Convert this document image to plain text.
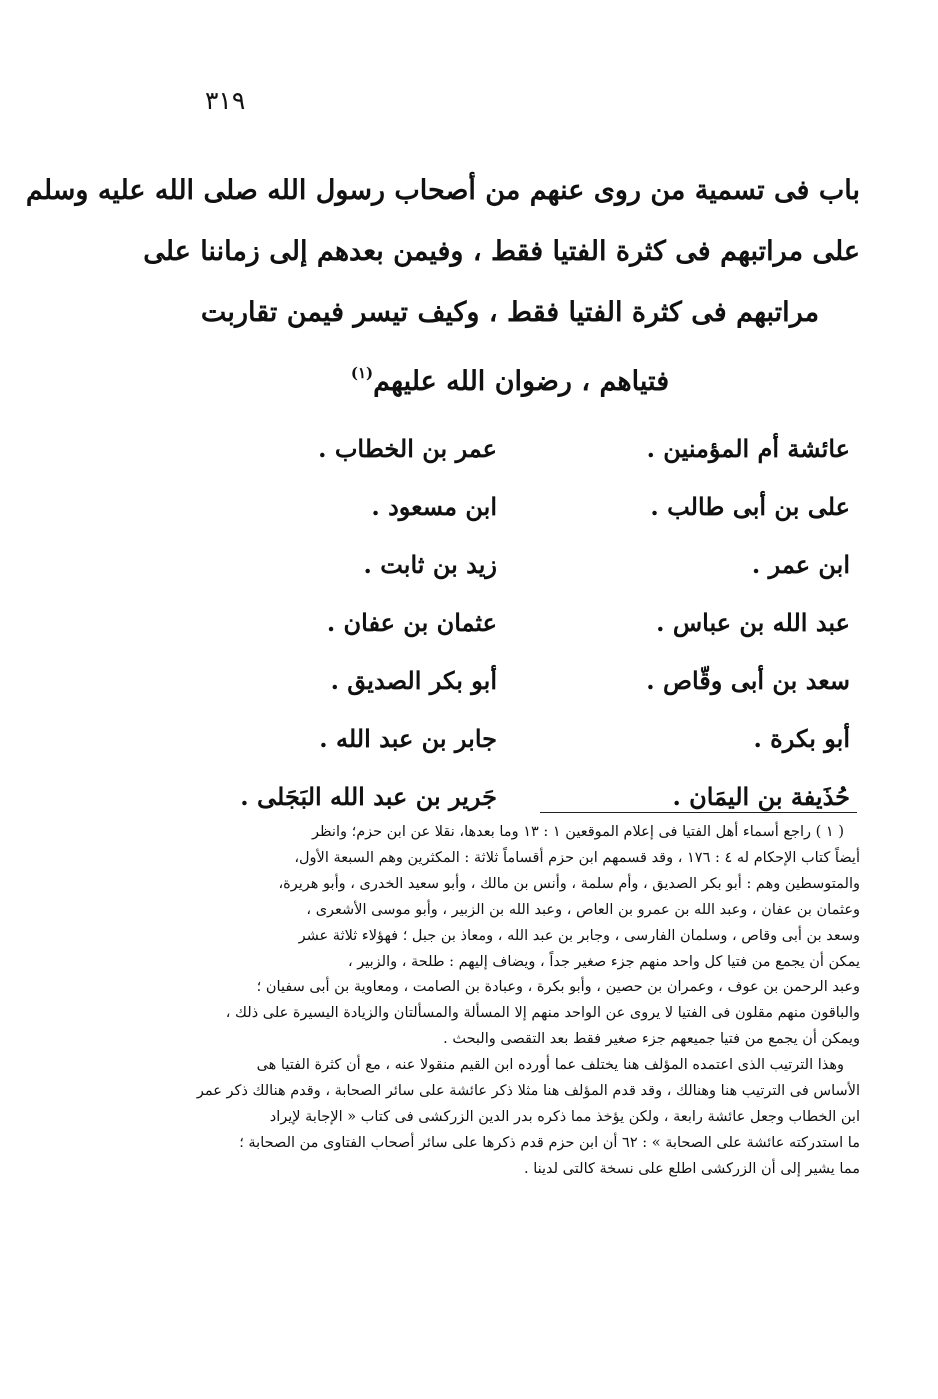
٣١٩
باب فى تسمية من روى عنهم من أصحاب رسول الله صلى الله عليه وسلم
على مراتبهم فى كثرة الفتيا فقط ، وفيمن بعدهم إلى زماننا على
مراتبهم فى كثرة الفتيا فقط ، وكيف تيسر فيمن تقاربت
فتياهم ، رضوان الله عليهم$^{(١)}$
عائشة أم المؤمنين .
عمر بن الخطاب .
على بن أبى طالب .
ابن مسعود .
ابن عمر .
زيد بن ثابت .
عبد الله بن عباس .
عثمان بن عفان .
سعد بن أبى وقّاص .
أبو بكر الصديق .
أبو بكرة .
جابر بن عبد الله .
حُذَيفة بن اليمَان .
جَرير بن عبد الله البَجَلى .
( ١ ) راجع أسماء أهل الفتيا فى إعلام الموقعين ١ : ١٣ وما بعدها، نقلا عن ابن حزم؛ وانظر
أيضاً كتاب الإحكام له ٤ : ١٧٦ ، وقد قسمهم ابن حزم أقساماً ثلاثة : المكثرين وهم السبعة الأول،
والمتوسطين وهم : أبو بكر الصديق ، وأم سلمة ، وأنس بن مالك ، وأبو سعيد الخدرى ، وأبو هريرة،
وعثمان بن عفان ، وعبد الله بن عمرو بن العاص ، وعبد الله بن الزبير ، وأبو موسى الأشعرى ،
وسعد بن أبى وقاص ، وسلمان الفارسى ، وجابر بن عبد الله ، ومعاذ بن جبل ؛ فهؤلاء ثلاثة عشر
يمكن أن يجمع من فتيا كل واحد منهم جزء صغير جداً ، ويضاف إليهم : طلحة ، والزبير ،
وعبد الرحمن بن عوف ، وعمران بن حصين ، وأبو بكرة ، وعبادة بن الصامت ، ومعاوية بن أبى سفيان ؛
والباقون منهم مقلون فى الفتيا لا يروى عن الواحد منهم إلا المسألة والمسألتان والزيادة اليسيرة على ذلك ،
ويمكن أن يجمع من فتيا جميعهم جزء صغير فقط بعد التقصى والبحث .
وهذا الترتيب الذى اعتمده المؤلف هنا يختلف عما أورده ابن القيم منقولا عنه ، مع أن كثرة الفتيا هى
الأساس فى الترتيب هنا وهنالك ، وقد قدم المؤلف هنا مثلا ذكر عائشة على سائر الصحابة ، وقدم هنالك ذكر عمر
ابن الخطاب وجعل عائشة رابعة ، ولكن يؤخذ مما ذكره بدر الدين الزركشى فى كتاب « الإجابة لإيراد
ما استدركته عائشة على الصحابة » : ٦٢ أن ابن حزم قدم ذكرها على سائر أصحاب الفتاوى من الصحابة ؛
مما يشير إلى أن الزركشى اطلع على نسخة كالتى لدينا .
